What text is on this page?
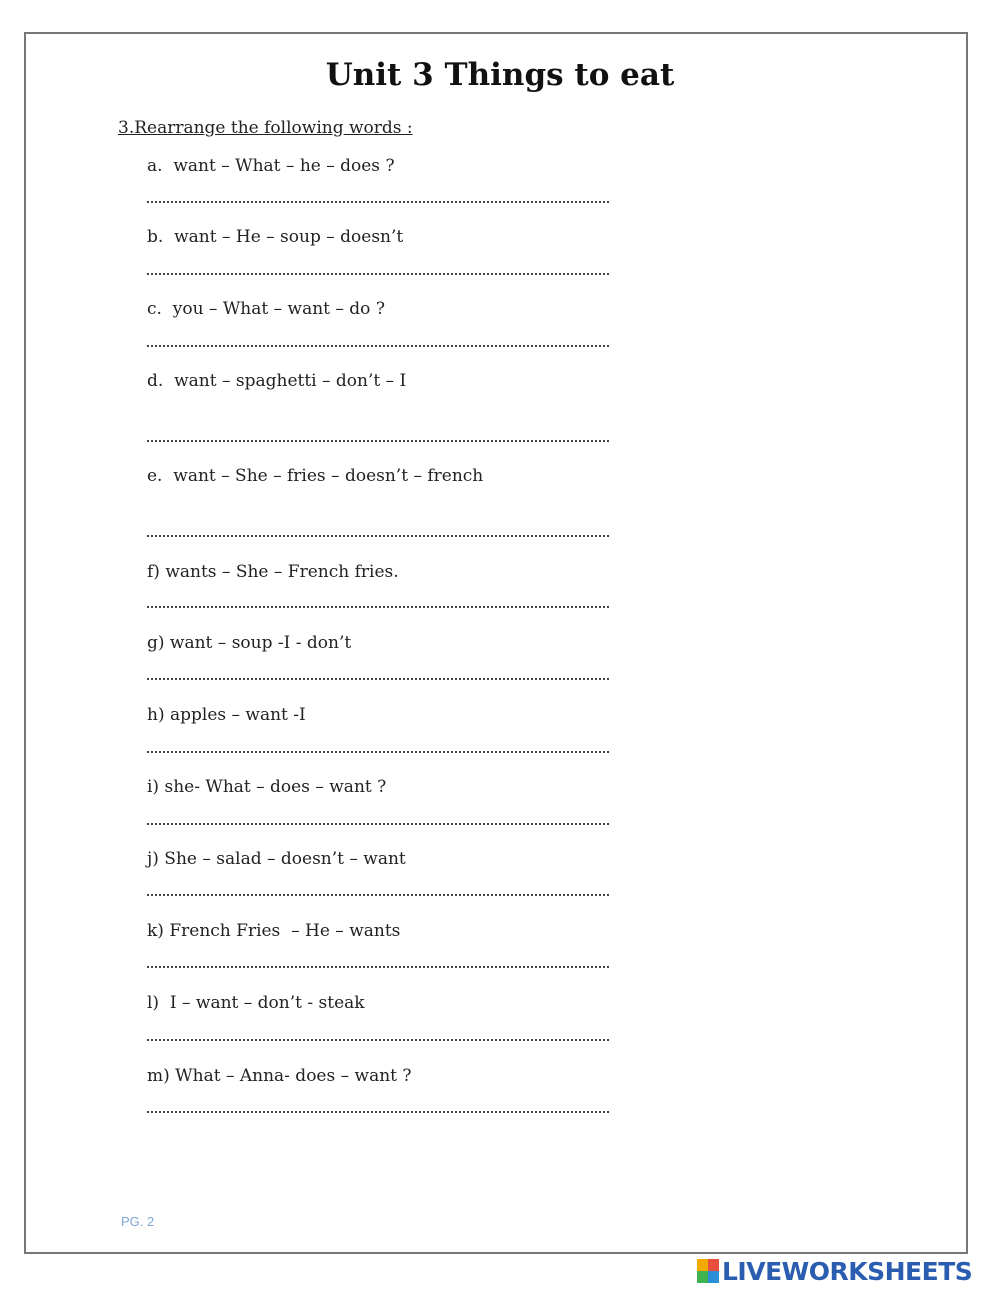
Unit 3 Things to eat
3.Rearrange the following words :
a.  want – What – he – does ?
b.  want – He – soup – doesn’t
c.  you – What – want – do ?
d.  want – spaghetti – don’t – I
e.  want – She – fries – doesn’t – french
f) wants – She – French fries.
g) want – soup -I - don’t
h) apples – want -I
i) she- What – does – want ?
j) She – salad – doesn’t – want
k) French Fries  – He – wants
l)  I – want – don’t - steak
m) What – Anna- does – want ?
PG. 2
LIVEWORKSHEETS
